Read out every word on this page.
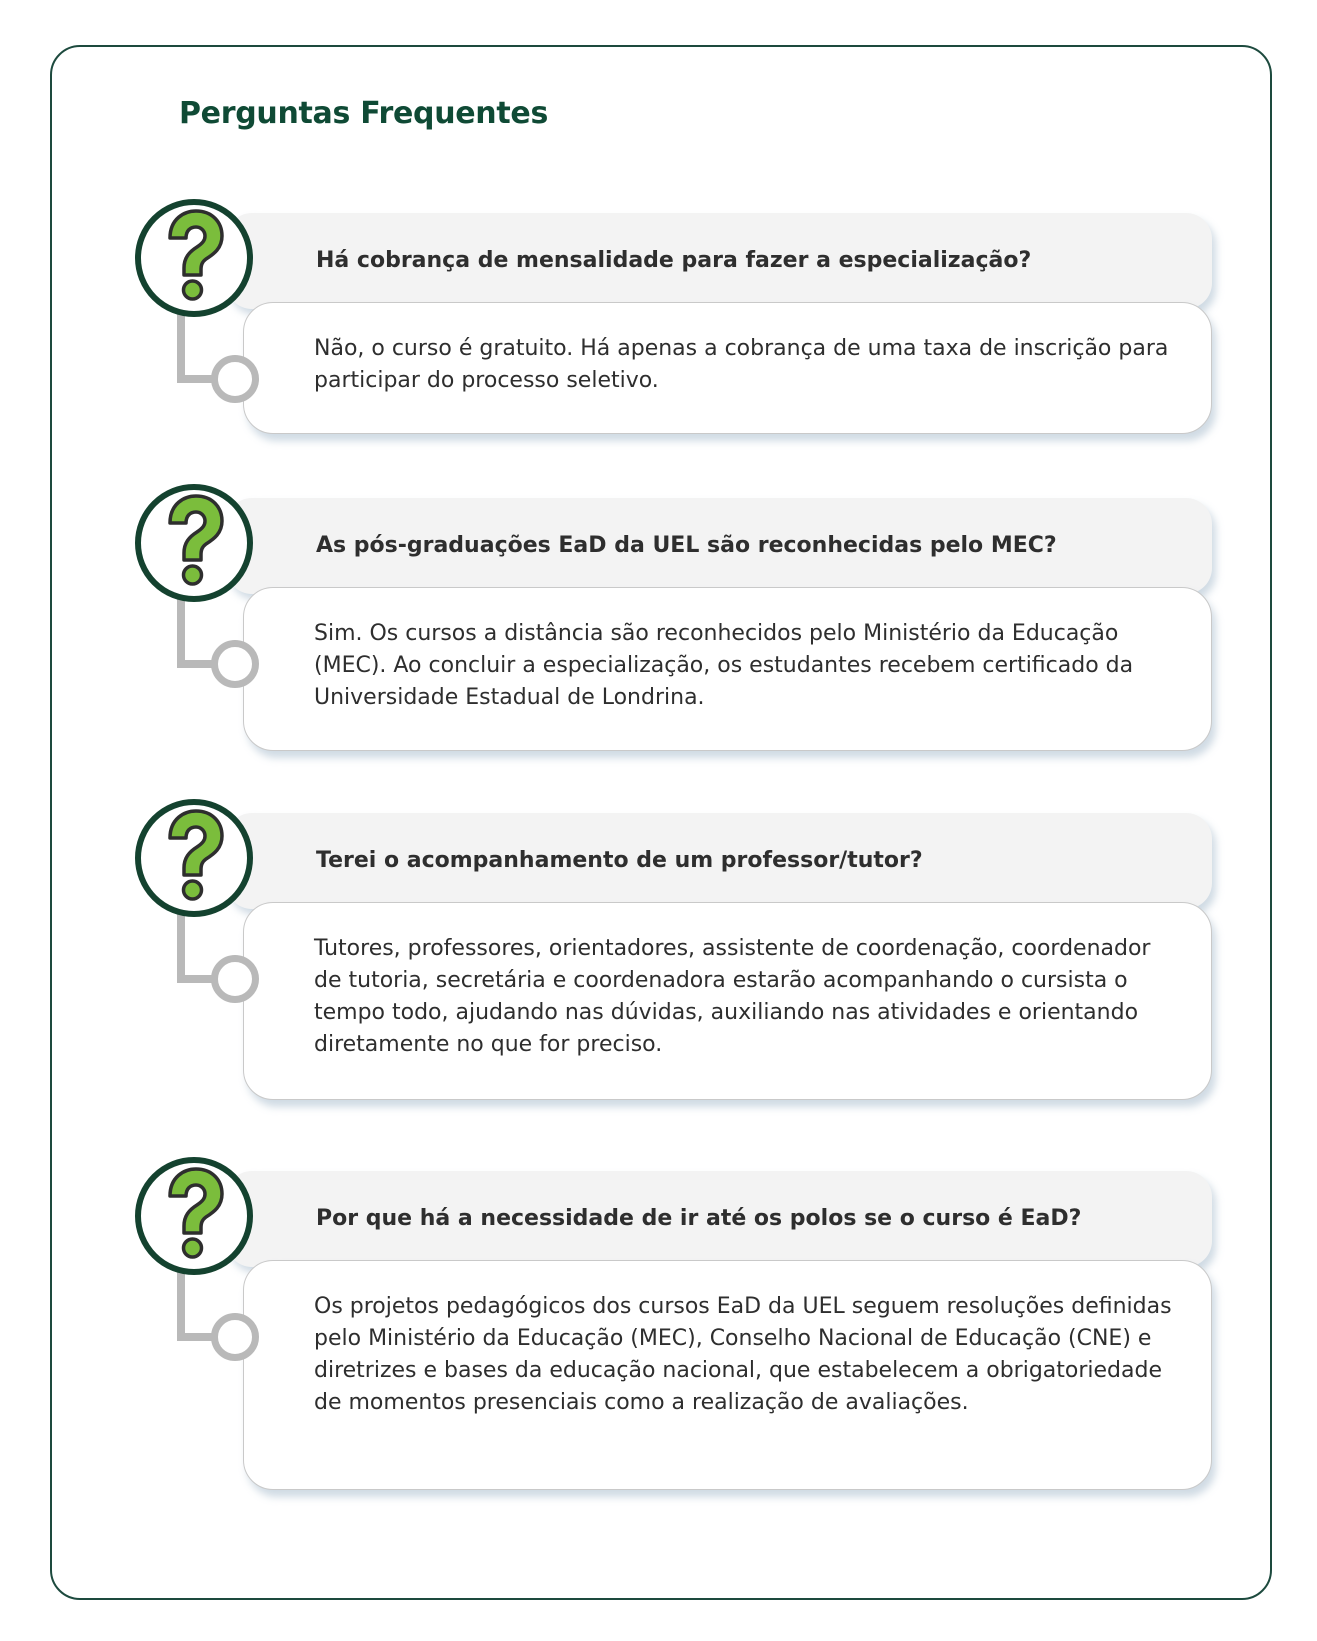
Perguntas Frequentes

Há cobrança de mensalidade para fazer a especialização?

Não, o curso é gratuito. Há apenas a cobrança de uma taxa de inscrição para participar do processo seletivo.

As pós-graduações EaD da UEL são reconhecidas pelo MEC?

Sim. Os cursos a distância são reconhecidos pelo Ministério da Educação (MEC). Ao concluir a especialização, os estudantes recebem certificado da Universidade Estadual de Londrina.

Terei o acompanhamento de um professor/tutor?

Tutores, professores, orientadores, assistente de coordenação, coordenador de tutoria, secretária e coordenadora estarão acompanhando o cursista o tempo todo, ajudando nas dúvidas, auxiliando nas atividades e orientando diretamente no que for preciso.

Por que há a necessidade de ir até os polos se o curso é EaD?

Os projetos pedagógicos dos cursos EaD da UEL seguem resoluções definidas pelo Ministério da Educação (MEC), Conselho Nacional de Educação (CNE) e diretrizes e bases da educação nacional, que estabelecem a obrigatoriedade de momentos presenciais como a realização de avaliações.
